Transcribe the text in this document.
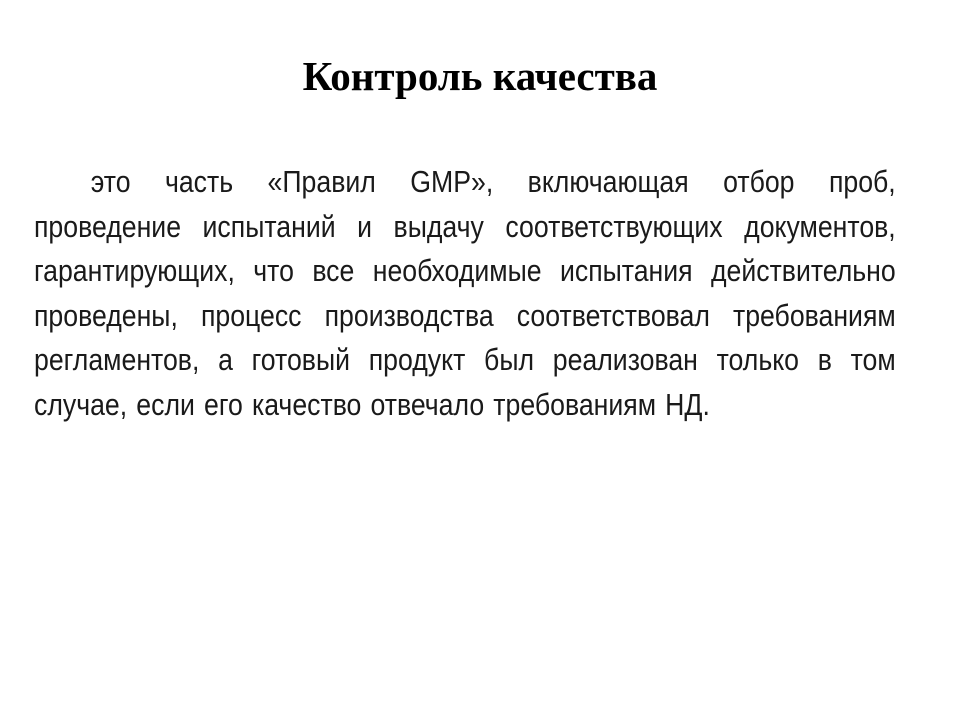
Контроль качества

это часть «Правил GMP», включающая отбор проб, проведение испытаний и выдачу соответствующих документов, гарантирующих, что все необходимые испытания действительно проведены, процесс производства соответствовал требованиям регламентов, а готовый продукт был реализован только в том случае, если его качество отвечало требованиям НД.
